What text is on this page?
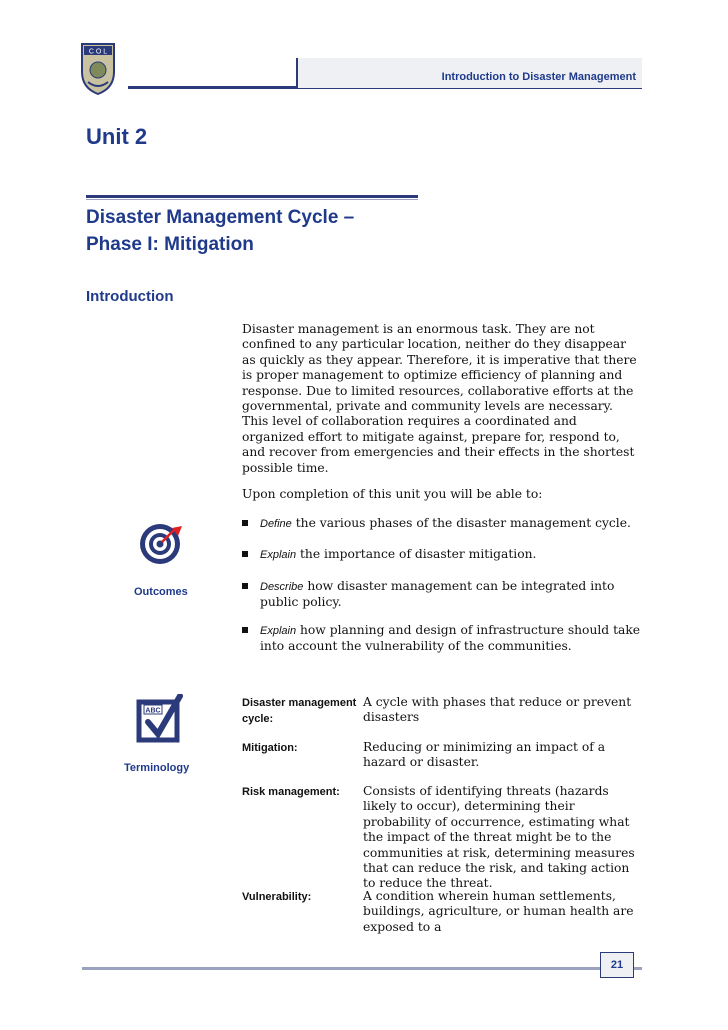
C O L
Introduction to Disaster Management
Unit 2
Disaster Management Cycle –
Phase I: Mitigation
Introduction
Disaster management is an enormous task. They are not confined to any particular location, neither do they disappear as quickly as they appear. Therefore, it is imperative that there is proper management to optimize efficiency of planning and response. Due to limited resources, collaborative efforts at the governmental, private and community levels are necessary. This level of collaboration requires a coordinated and organized effort to mitigate against, prepare for, respond to, and recover from emergencies and their effects in the shortest possible time.
Outcomes
Upon completion of this unit you will be able to:
Define the various phases of the disaster management cycle.
Explain the importance of disaster mitigation.
Describe how disaster management can be integrated into public policy.
Explain how planning and design of infrastructure should take into account the vulnerability of the communities.
ABC
Terminology
Disaster management cycle:
A cycle with phases that reduce or prevent disasters
Mitigation:	Reducing or minimizing an impact of a hazard or disaster.
Risk management:	Consists of identifying threats (hazards likely to occur), determining their probability of occurrence, estimating what the impact of the threat might be to the communities at risk, determining measures that can reduce the risk, and taking action to reduce the threat.
Vulnerability:	A condition wherein human settlements, buildings, agriculture, or human health are exposed to a
21
